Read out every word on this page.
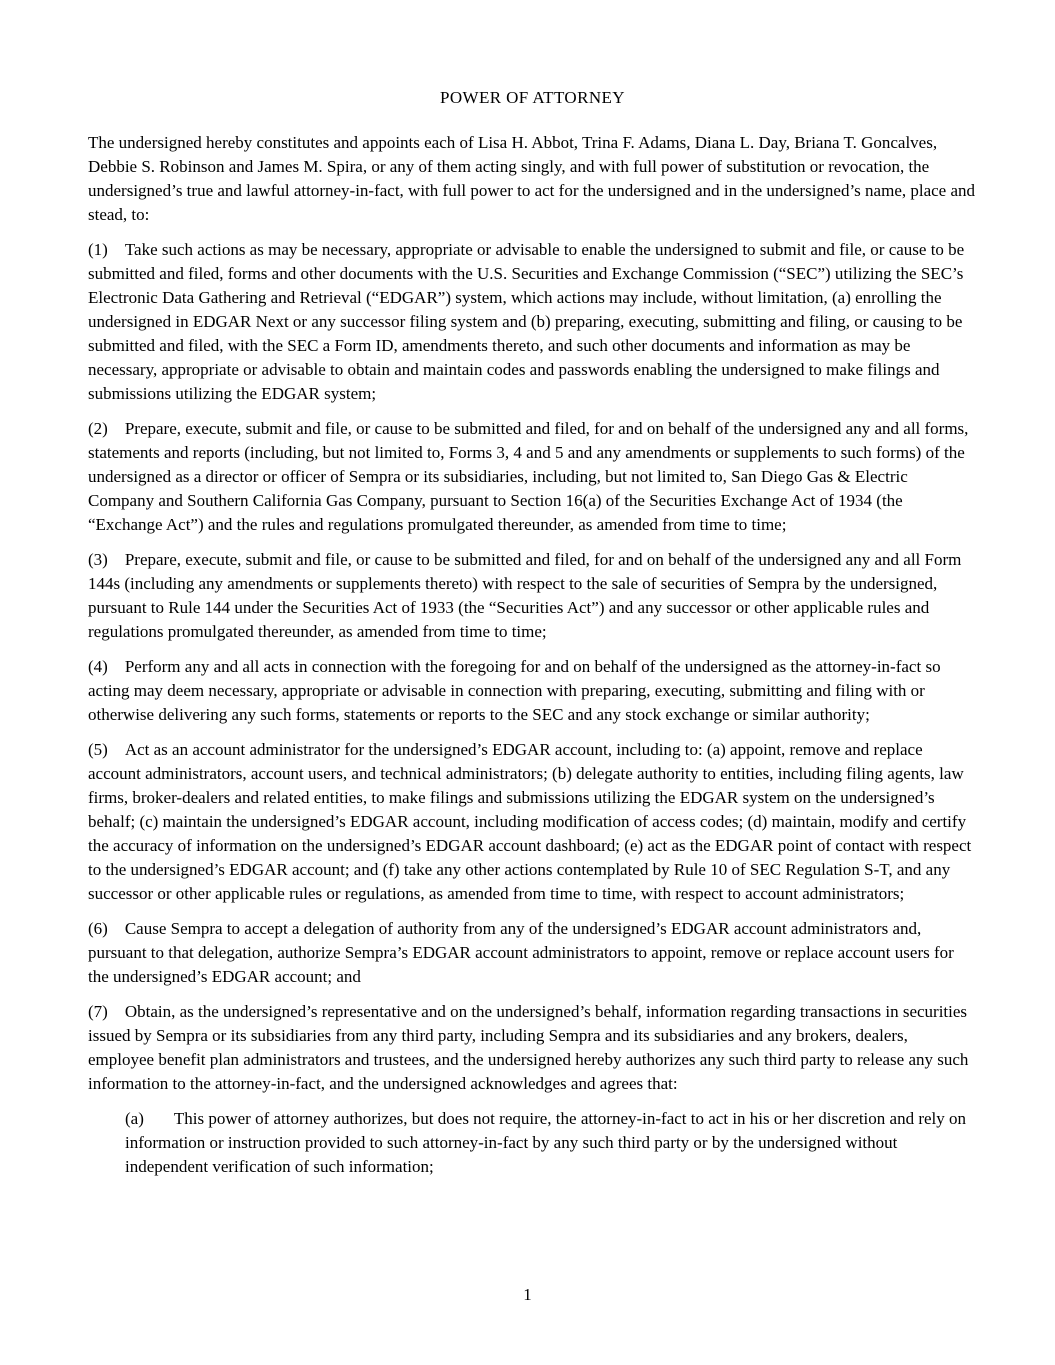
POWER OF ATTORNEY

The undersigned hereby constitutes and appoints each of Lisa H. Abbot, Trina F. Adams, Diana L. Day, Briana T. Goncalves, Debbie S. Robinson and James M. Spira, or any of them acting singly, and with full power of substitution or revocation, the undersigned’s true and lawful attorney-in-fact, with full power to act for the undersigned and in the undersigned’s name, place and stead, to:

(1) Take such actions as may be necessary, appropriate or advisable to enable the undersigned to submit and file, or cause to be submitted and filed, forms and other documents with the U.S. Securities and Exchange Commission (“SEC”) utilizing the SEC’s Electronic Data Gathering and Retrieval (“EDGAR”) system, which actions may include, without limitation, (a) enrolling the undersigned in EDGAR Next or any successor filing system and (b) preparing, executing, submitting and filing, or causing to be submitted and filed, with the SEC a Form ID, amendments thereto, and such other documents and information as may be necessary, appropriate or advisable to obtain and maintain codes and passwords enabling the undersigned to make filings and submissions utilizing the EDGAR system;

(2) Prepare, execute, submit and file, or cause to be submitted and filed, for and on behalf of the undersigned any and all forms, statements and reports (including, but not limited to, Forms 3, 4 and 5 and any amendments or supplements to such forms) of the undersigned as a director or officer of Sempra or its subsidiaries, including, but not limited to, San Diego Gas & Electric Company and Southern California Gas Company, pursuant to Section 16(a) of the Securities Exchange Act of 1934 (the “Exchange Act”) and the rules and regulations promulgated thereunder, as amended from time to time;

(3) Prepare, execute, submit and file, or cause to be submitted and filed, for and on behalf of the undersigned any and all Form 144s (including any amendments or supplements thereto) with respect to the sale of securities of Sempra by the undersigned, pursuant to Rule 144 under the Securities Act of 1933 (the “Securities Act”) and any successor or other applicable rules and regulations promulgated thereunder, as amended from time to time;

(4) Perform any and all acts in connection with the foregoing for and on behalf of the undersigned as the attorney-in-fact so acting may deem necessary, appropriate or advisable in connection with preparing, executing, submitting and filing with or otherwise delivering any such forms, statements or reports to the SEC and any stock exchange or similar authority;

(5) Act as an account administrator for the undersigned’s EDGAR account, including to: (a) appoint, remove and replace account administrators, account users, and technical administrators; (b) delegate authority to entities, including filing agents, law firms, broker-dealers and related entities, to make filings and submissions utilizing the EDGAR system on the undersigned’s behalf; (c) maintain the undersigned’s EDGAR account, including modification of access codes; (d) maintain, modify and certify the accuracy of information on the undersigned’s EDGAR account dashboard; (e) act as the EDGAR point of contact with respect to the undersigned’s EDGAR account; and (f) take any other actions contemplated by Rule 10 of SEC Regulation S-T, and any successor or other applicable rules or regulations, as amended from time to time, with respect to account administrators;

(6) Cause Sempra to accept a delegation of authority from any of the undersigned’s EDGAR account administrators and, pursuant to that delegation, authorize Sempra’s EDGAR account administrators to appoint, remove or replace account users for the undersigned’s EDGAR account; and

(7) Obtain, as the undersigned’s representative and on the undersigned’s behalf, information regarding transactions in securities issued by Sempra or its subsidiaries from any third party, including Sempra and its subsidiaries and any brokers, dealers, employee benefit plan administrators and trustees, and the undersigned hereby authorizes any such third party to release any such information to the attorney-in-fact, and the undersigned acknowledges and agrees that:

(a) This power of attorney authorizes, but does not require, the attorney-in-fact to act in his or her discretion and rely on information or instruction provided to such attorney-in-fact by any such third party or by the undersigned without independent verification of such information;

1
